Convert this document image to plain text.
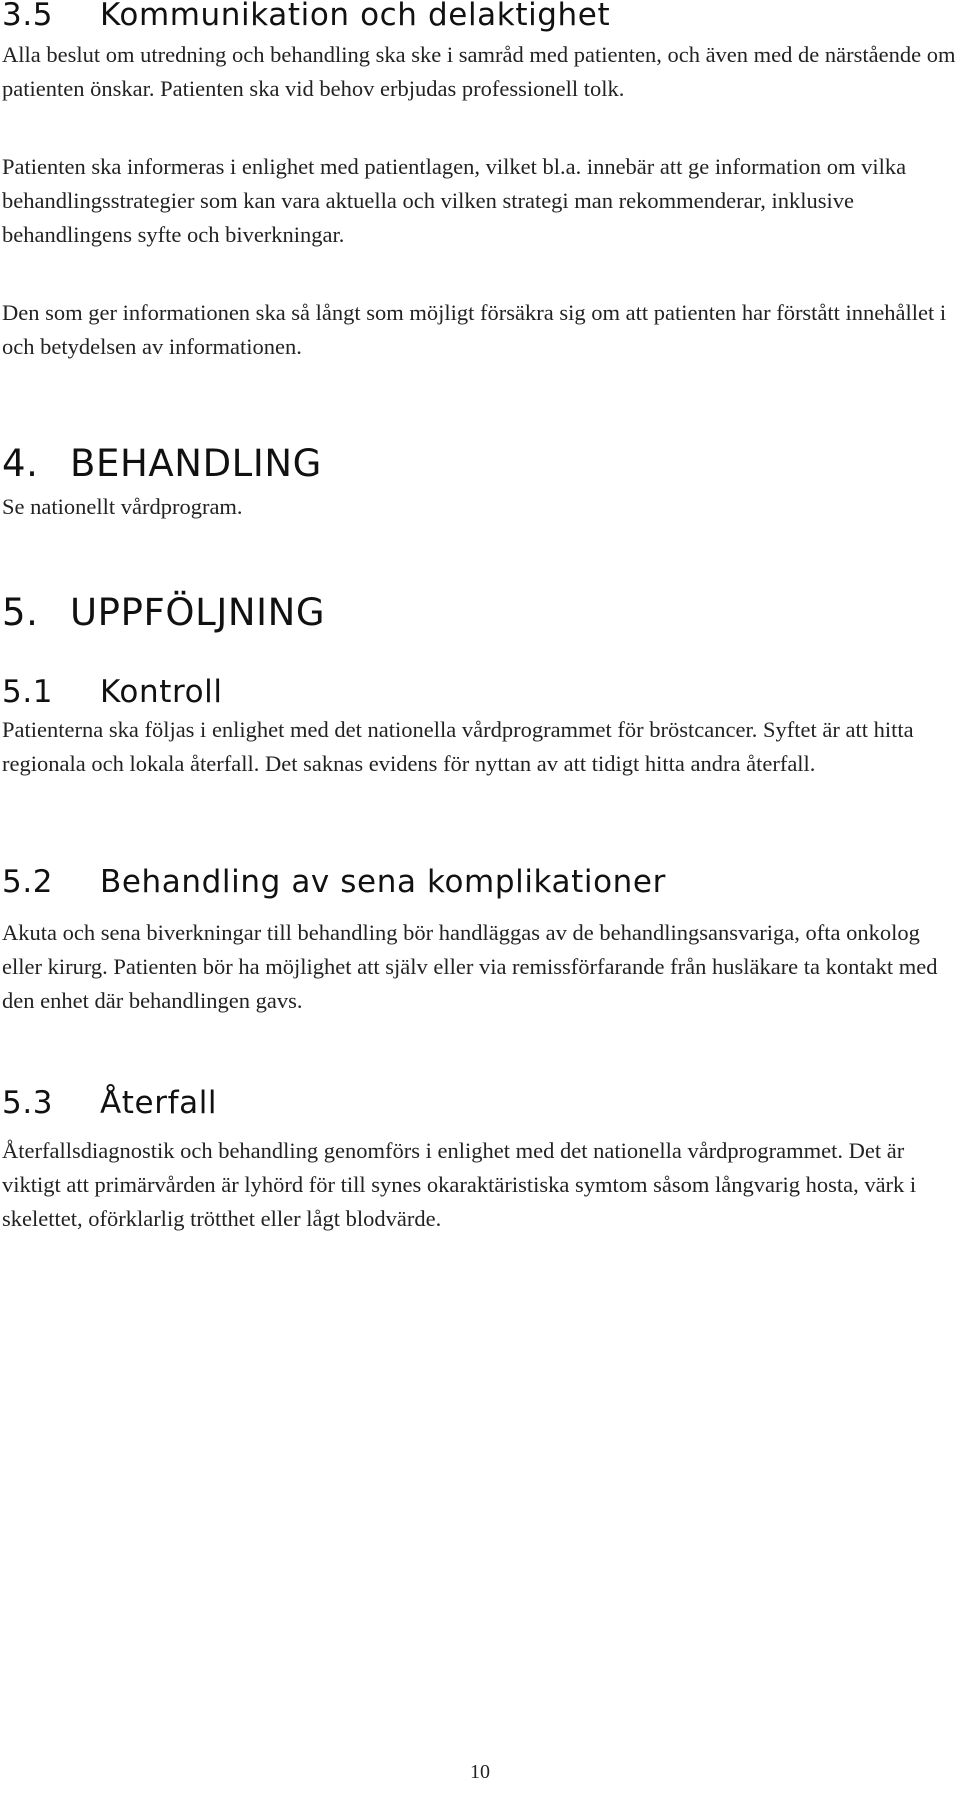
3.5 Kommunikation och delaktighet

Alla beslut om utredning och behandling ska ske i samråd med patienten, och även med de närstående om patienten önskar. Patienten ska vid behov erbjudas professionell tolk.

Patienten ska informeras i enlighet med patientlagen, vilket bl.a. innebär att ge information om vilka behandlingsstrategier som kan vara aktuella och vilken strategi man rekommenderar, inklusive behandlingens syfte och biverkningar.

Den som ger informationen ska så långt som möjligt försäkra sig om att patienten har förstått innehållet i och betydelsen av informationen.

4. BEHANDLING

Se nationellt vårdprogram.

5. UPPFÖLJNING
5.1 Kontroll

Patienterna ska följas i enlighet med det nationella vårdprogrammet för bröstcancer. Syftet är att hitta regionala och lokala återfall. Det saknas evidens för nyttan av att tidigt hitta andra återfall.

5.2 Behandling av sena komplikationer

Akuta och sena biverkningar till behandling bör handläggas av de behandlingsansvariga, ofta onkolog eller kirurg. Patienten bör ha möjlighet att själv eller via remissförfarande från husläkare ta kontakt med den enhet där behandlingen gavs.

5.3 Återfall

Återfallsdiagnostik och behandling genomförs i enlighet med det nationella vårdprogrammet. Det är viktigt att primärvården är lyhörd för till synes okaraktäristiska symtom såsom långvarig hosta, värk i skelettet, oförklarlig trötthet eller lågt blodvärde.

10
